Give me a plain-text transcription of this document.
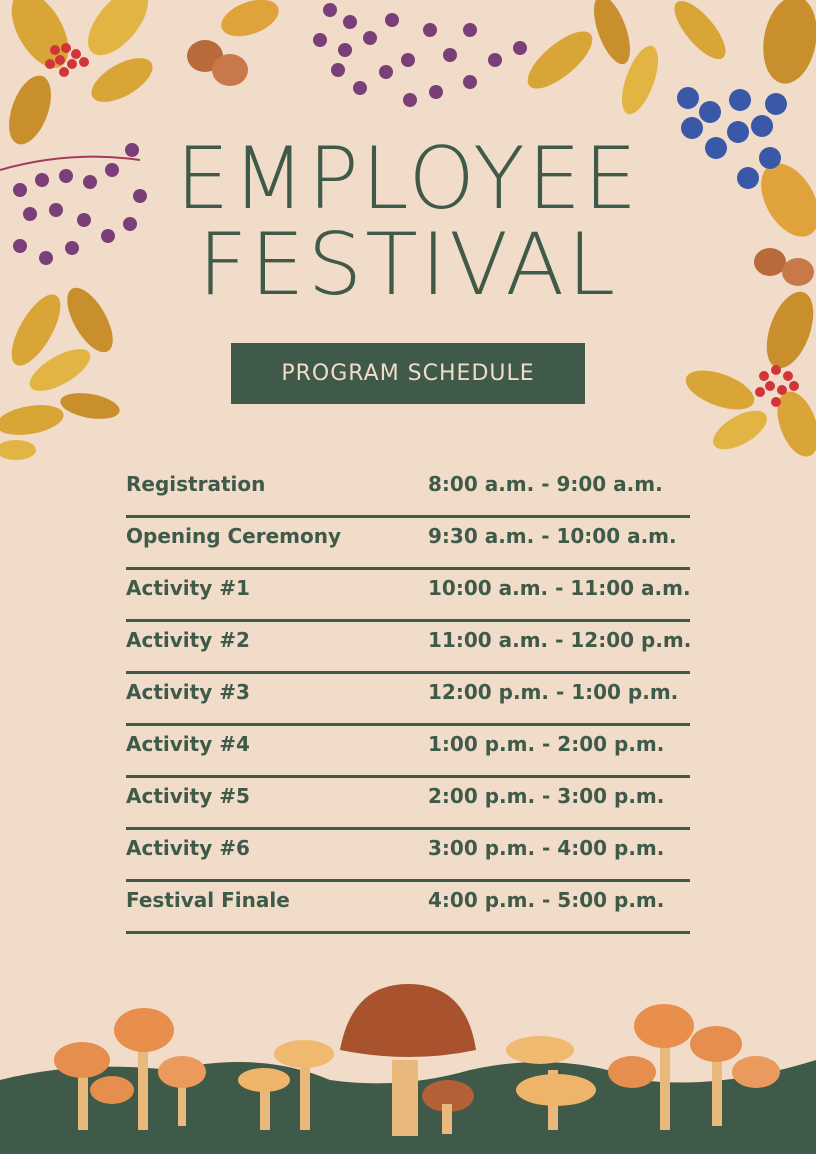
EMPLOYEE
FESTIVAL
PROGRAM SCHEDULE
Registration	8:00 a.m. - 9:00 a.m.
Opening Ceremony	9:30 a.m. - 10:00 a.m.
Activity #1	10:00 a.m. - 11:00 a.m.
Activity #2	11:00 a.m. - 12:00 p.m.
Activity #3	12:00 p.m. - 1:00 p.m.
Activity #4	1:00 p.m. - 2:00 p.m.
Activity #5	2:00 p.m. - 3:00 p.m.
Activity #6	3:00 p.m. - 4:00 p.m.
Festival Finale	4:00 p.m. - 5:00 p.m.
